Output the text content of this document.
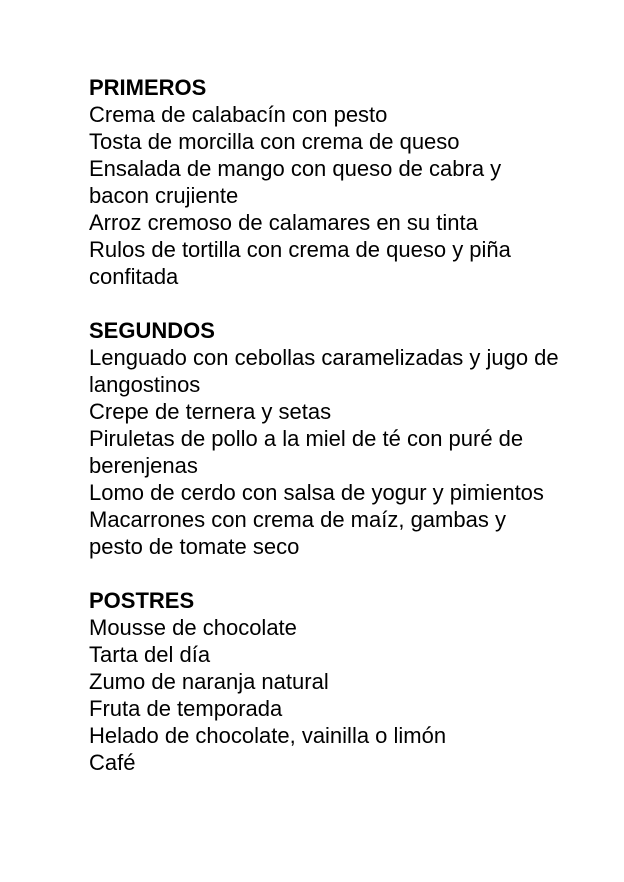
PRIMEROS
Crema de calabacín con pesto
Tosta de morcilla con crema de queso
Ensalada de mango con queso de cabra y bacon crujiente
Arroz cremoso de calamares en su tinta
Rulos de tortilla con crema de queso y piña confitada
SEGUNDOS
Lenguado con cebollas caramelizadas y jugo de langostinos
Crepe de ternera y setas
Piruletas de pollo a la miel de té con puré de berenjenas
Lomo de cerdo con salsa de yogur y pimientos
Macarrones con crema de maíz, gambas y pesto de tomate seco
POSTRES
Mousse de chocolate
Tarta del día
Zumo de naranja natural
Fruta de temporada
Helado de chocolate, vainilla o limón
Café
